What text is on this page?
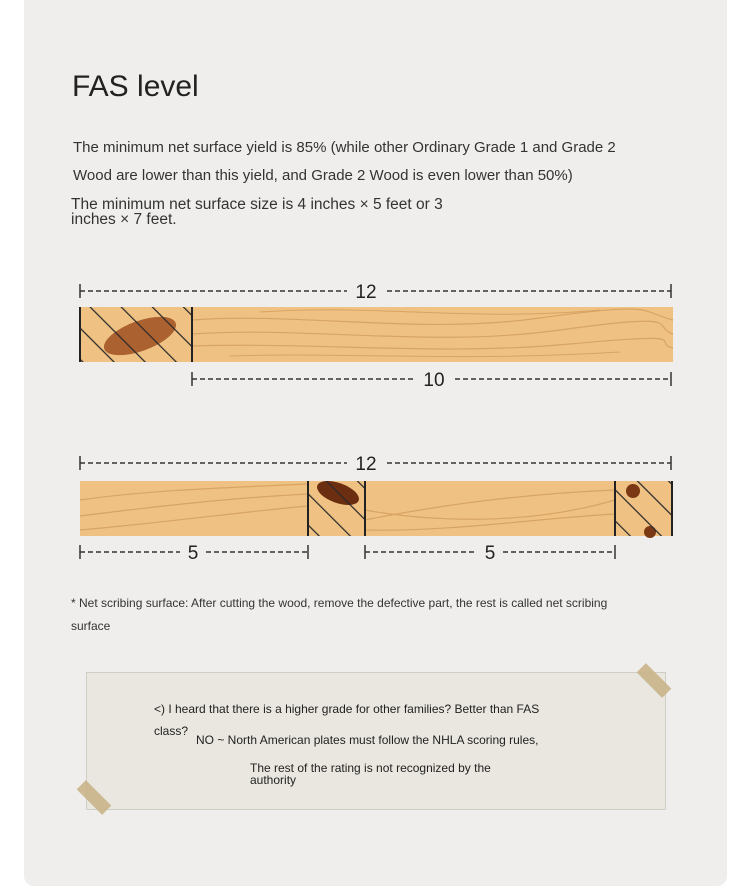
FAS level
The minimum net surface yield is 85% (while other Ordinary Grade 1 and Grade 2 Wood are lower than this yield, and Grade 2 Wood is even lower than 50%)
The minimum net surface size is 4 inches × 5 feet or 3 inches × 7 feet.
12
10
12
5	5
* Net scribing surface: After cutting the wood, remove the defective part, the rest is called net scribing surface
<) I heard that there is a higher grade for other families? Better than FAS class?
NO ~ North American plates must follow the NHLA scoring rules,
The rest of the rating is not recognized by the authority
